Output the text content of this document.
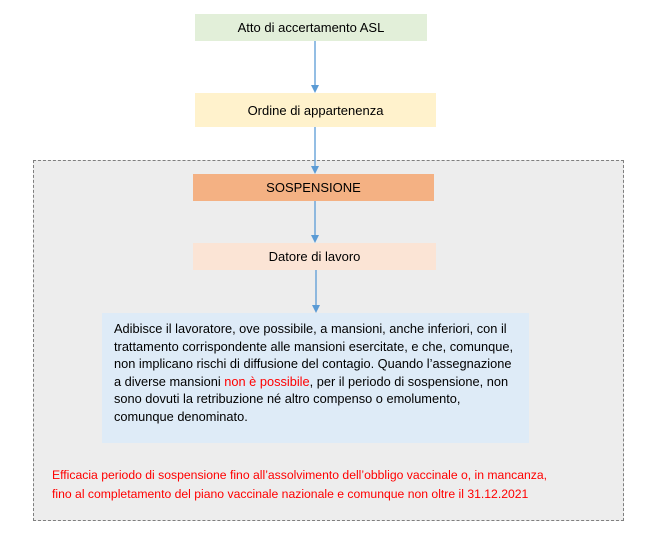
Atto di accertamento ASL
Ordine di appartenenza
SOSPENSIONE
Datore di lavoro
Adibisce il lavoratore, ove possibile, a mansioni, anche inferiori, con il trattamento corrispondente alle mansioni esercitate, e che, comunque, non implicano rischi di diffusione del contagio. Quando l’assegnazione a diverse mansioni non è possibile, per il periodo di sospensione, non sono dovuti la retribuzione né altro compenso o emolumento, comunque denominato.
Efficacia periodo di sospensione fino all’assolvimento dell’obbligo vaccinale o, in mancanza,
fino al completamento del piano vaccinale nazionale e comunque non oltre il 31.12.2021
